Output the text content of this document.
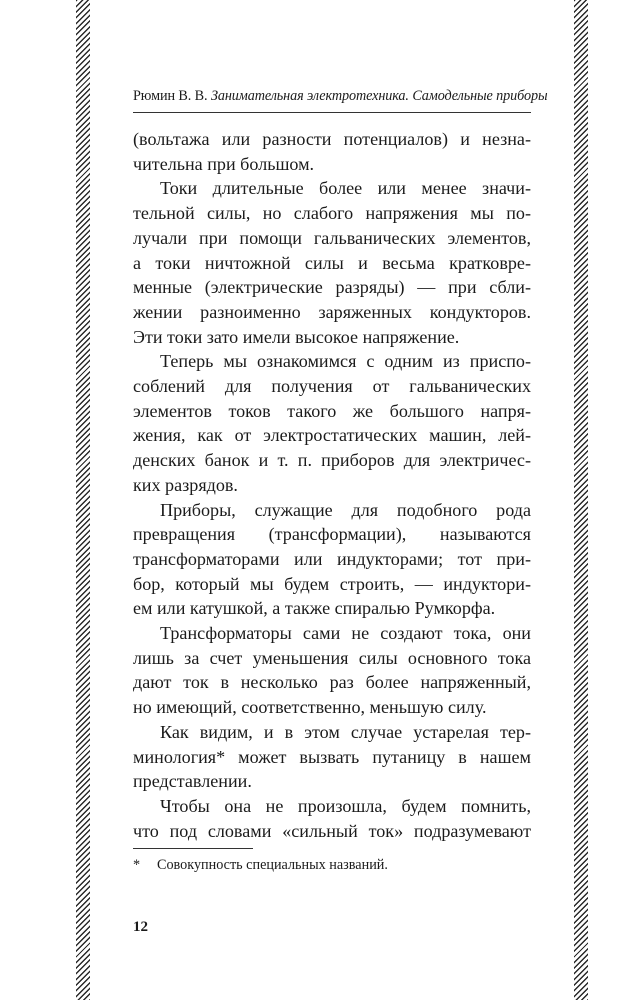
Рюмин В. В. Занимательная электротехника. Самодельные приборы

(вольтажа или разности потенциалов) и незна-
чительна при большом.

Токи длительные более или менее значи-
тельной силы, но слабого напряжения мы по-
лучали при помощи гальванических элементов,
а токи ничтожной силы и весьма кратковре-
менные (электрические разряды) — при сбли-
жении разноименно заряженных кондукторов.
Эти токи зато имели высокое напряжение.

Теперь мы ознакомимся с одним из приспо-
соблений для получения от гальванических
элементов токов такого же большого напря-
жения, как от электростатических машин, лей-
денских банок и т. п. приборов для электричес-
ких разрядов.

Приборы, служащие для подобного рода
превращения (трансформации), называются
трансформаторами или индукторами; тот при-
бор, который мы будем строить, — индуктори-
ем или катушкой, а также спиралью Румкорфа.

Трансформаторы сами не создают тока, они
лишь за счет уменьшения силы основного тока
дают ток в несколько раз более напряженный,
но имеющий, соответственно, меньшую силу.

Как видим, и в этом случае устарелая тер-
минология* может вызвать путаницу в нашем
представлении.

Чтобы она не произошла, будем помнить,
что под словами «сильный ток» подразумевают

* Совокупность специальных названий.
12
